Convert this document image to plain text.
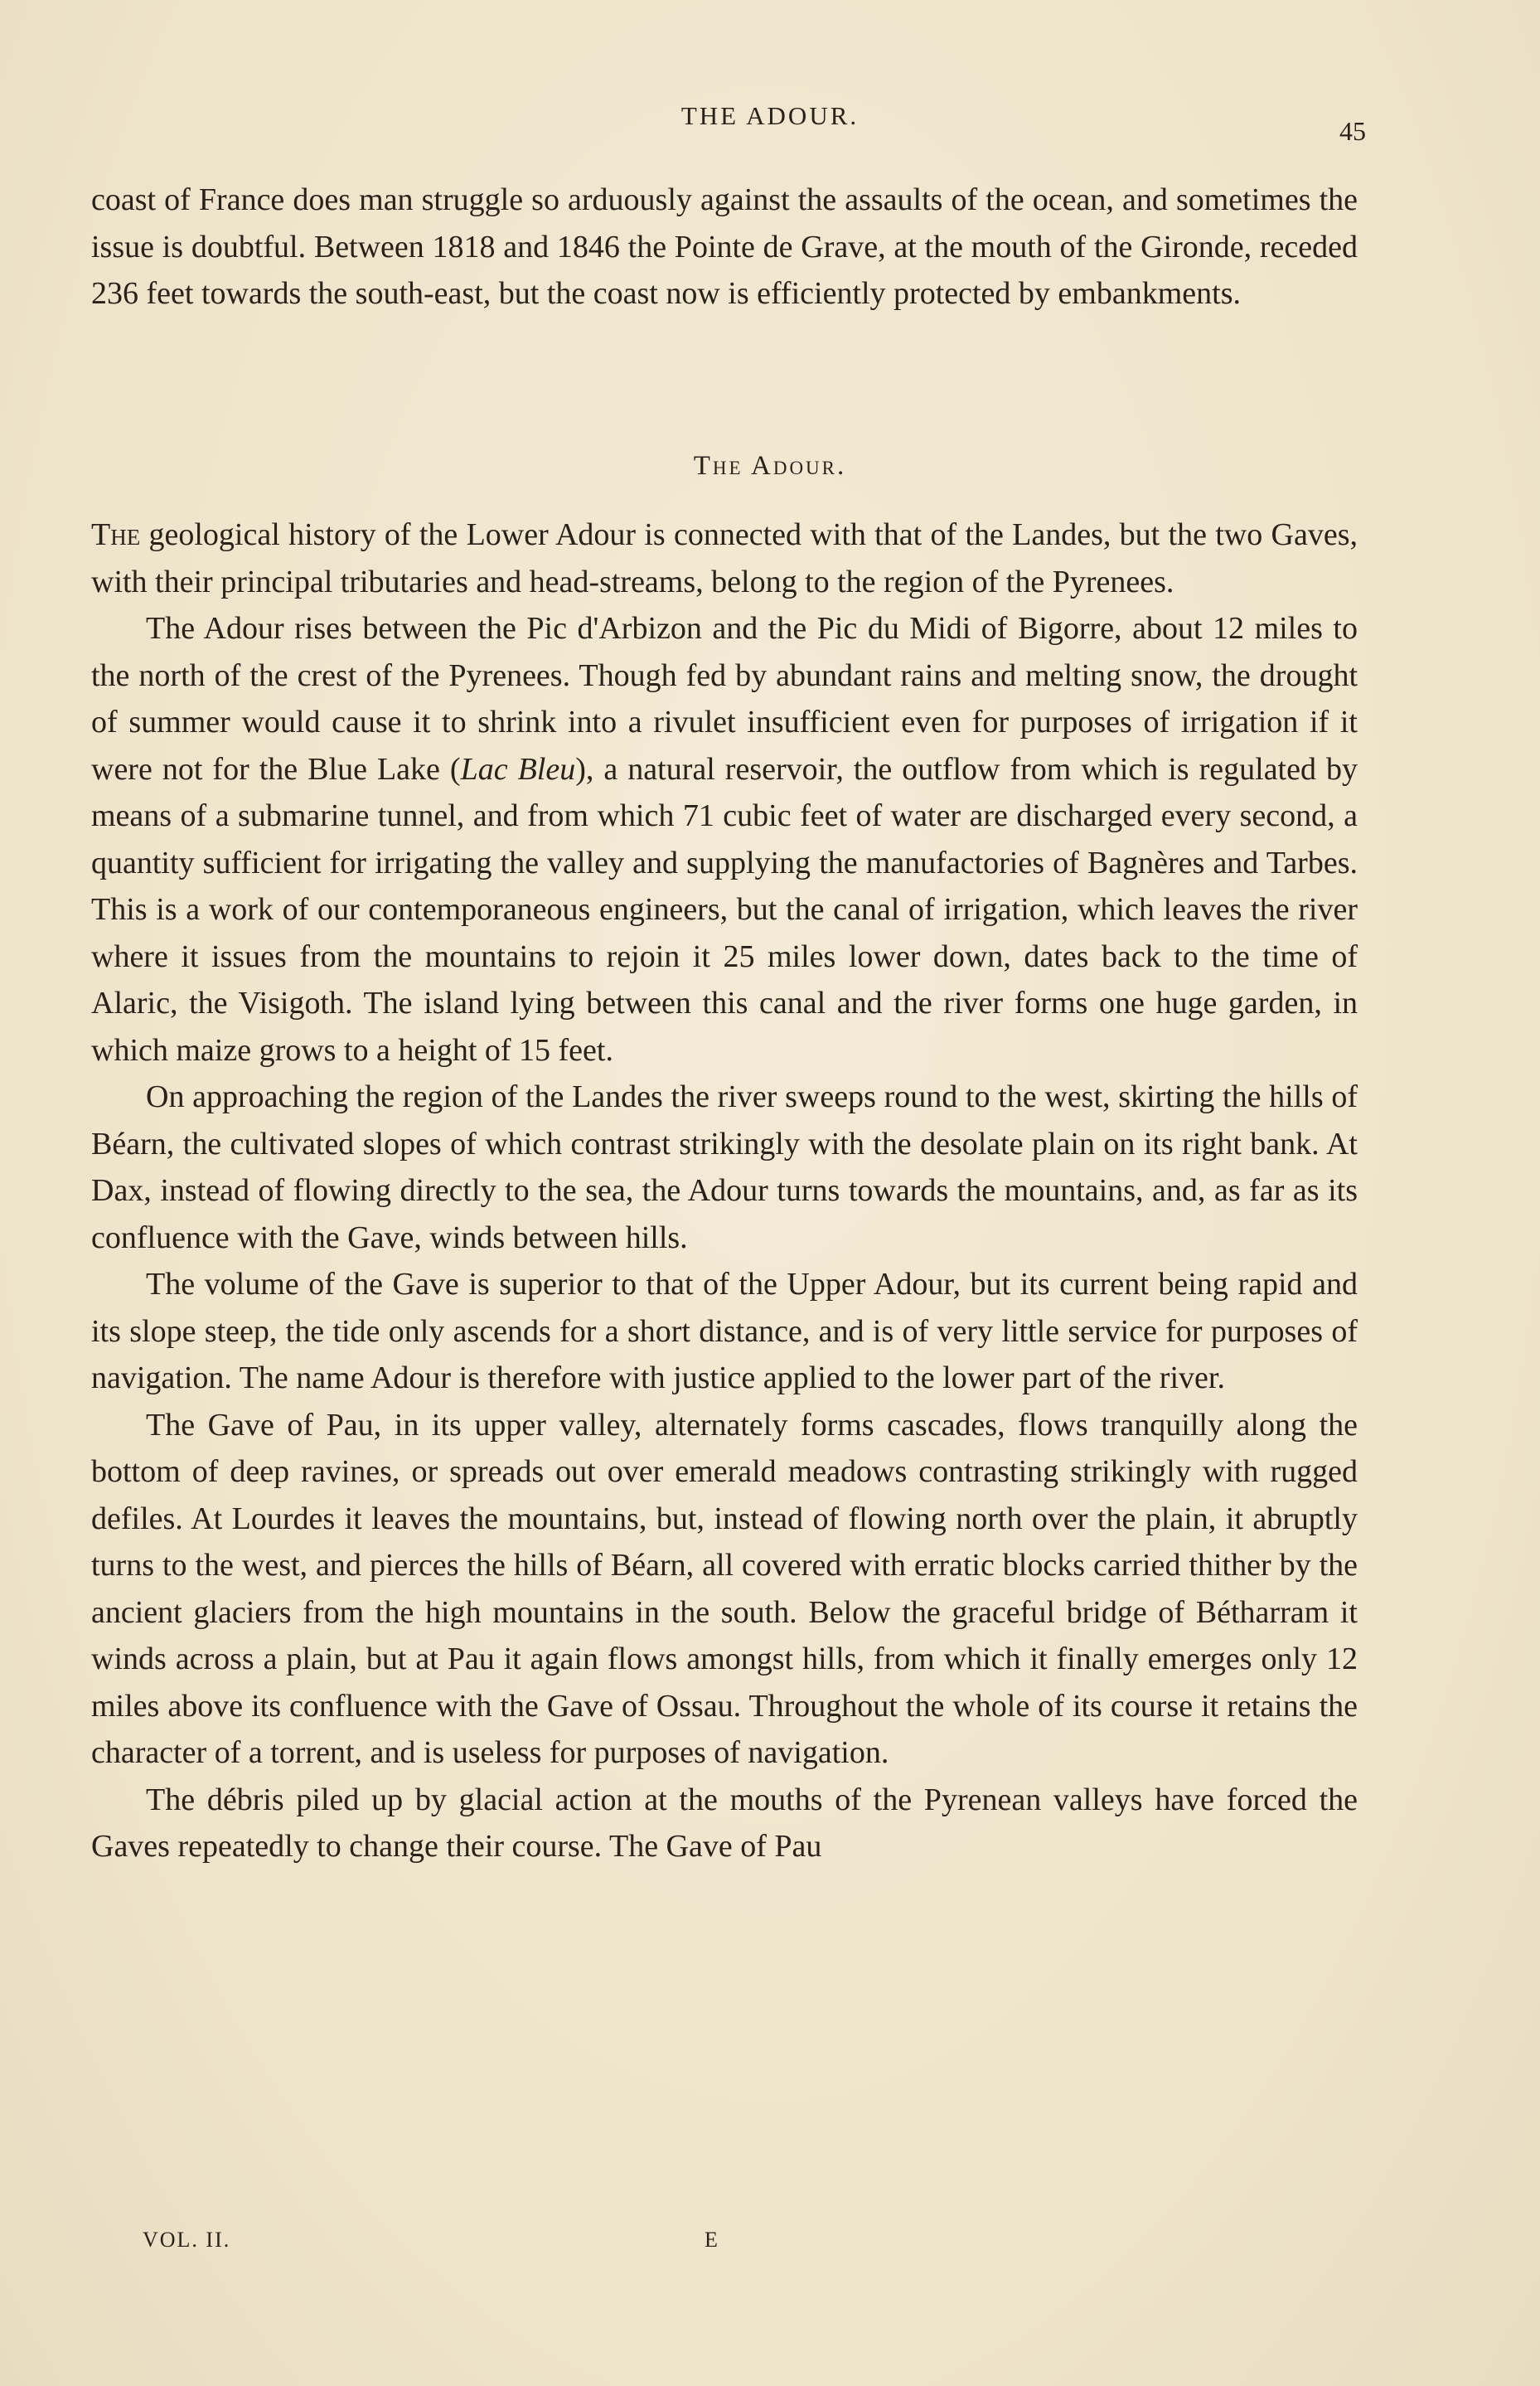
THE ADOUR.
45

coast of France does man struggle so arduously against the assaults of the ocean, and sometimes the issue is doubtful. Between 1818 and 1846 the Pointe de Grave, at the mouth of the Gironde, receded 236 feet towards the south-east, but the coast now is efficiently protected by embankments.

The Adour.

The geological history of the Lower Adour is connected with that of the Landes, but the two Gaves, with their principal tributaries and head-streams, belong to the region of the Pyrenees.

The Adour rises between the Pic d'Arbizon and the Pic du Midi of Bigorre, about 12 miles to the north of the crest of the Pyrenees. Though fed by abundant rains and melting snow, the drought of summer would cause it to shrink into a rivulet insufficient even for purposes of irrigation if it were not for the Blue Lake (Lac Bleu), a natural reservoir, the outflow from which is regulated by means of a submarine tunnel, and from which 71 cubic feet of water are discharged every second, a quantity sufficient for irrigating the valley and supplying the manufactories of Bagnères and Tarbes. This is a work of our contemporaneous engineers, but the canal of irrigation, which leaves the river where it issues from the mountains to rejoin it 25 miles lower down, dates back to the time of Alaric, the Visigoth. The island lying between this canal and the river forms one huge garden, in which maize grows to a height of 15 feet.

On approaching the region of the Landes the river sweeps round to the west, skirting the hills of Béarn, the cultivated slopes of which contrast strikingly with the desolate plain on its right bank. At Dax, instead of flowing directly to the sea, the Adour turns towards the mountains, and, as far as its confluence with the Gave, winds between hills.

The volume of the Gave is superior to that of the Upper Adour, but its current being rapid and its slope steep, the tide only ascends for a short distance, and is of very little service for purposes of navigation. The name Adour is therefore with justice applied to the lower part of the river.

The Gave of Pau, in its upper valley, alternately forms cascades, flows tranquilly along the bottom of deep ravines, or spreads out over emerald meadows contrasting strikingly with rugged defiles. At Lourdes it leaves the mountains, but, instead of flowing north over the plain, it abruptly turns to the west, and pierces the hills of Béarn, all covered with erratic blocks carried thither by the ancient glaciers from the high mountains in the south. Below the graceful bridge of Bétharram it winds across a plain, but at Pau it again flows amongst hills, from which it finally emerges only 12 miles above its confluence with the Gave of Ossau. Throughout the whole of its course it retains the character of a torrent, and is useless for purposes of navigation.

The débris piled up by glacial action at the mouths of the Pyrenean valleys have forced the Gaves repeatedly to change their course. The Gave of Pau

VOL. II.	E
